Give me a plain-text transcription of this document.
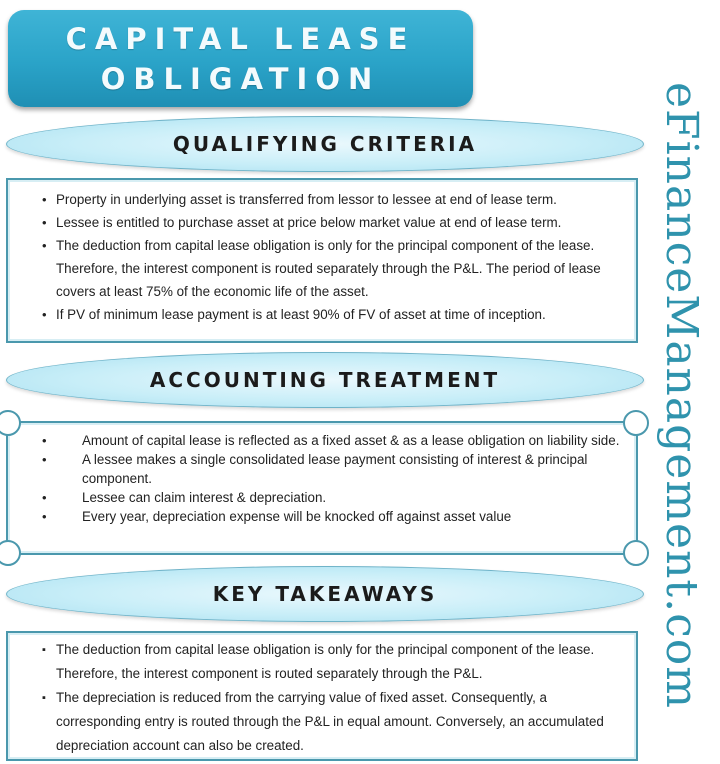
CAPITAL LEASE
OBLIGATION
QUALIFYING CRITERIA
• Property in underlying asset is transferred from lessor to lessee at end of lease term.
• Lessee is entitled to purchase asset at price below market value at end of lease term.
• The deduction from capital lease obligation is only for the principal component of the lease. Therefore, the interest component is routed separately through the P&L. The period of lease covers at least 75% of the economic life of the asset.
• If PV of minimum lease payment is at least 90% of FV of asset at time of inception.
ACCOUNTING TREATMENT
• Amount of capital lease is reflected as a fixed asset & as a lease obligation on liability side.
• A lessee makes a single consolidated lease payment consisting of interest & principal component.
• Lessee can claim interest & depreciation.
• Every year, depreciation expense will be knocked off against asset value
KEY TAKEAWAYS
▪ The deduction from capital lease obligation is only for the principal component of the lease. Therefore, the interest component is routed separately through the P&L.
▪ The depreciation is reduced from the carrying value of fixed asset. Consequently, a corresponding entry is routed through the P&L in equal amount. Conversely, an accumulated depreciation account can also be created.
eFinanceManagement.com
